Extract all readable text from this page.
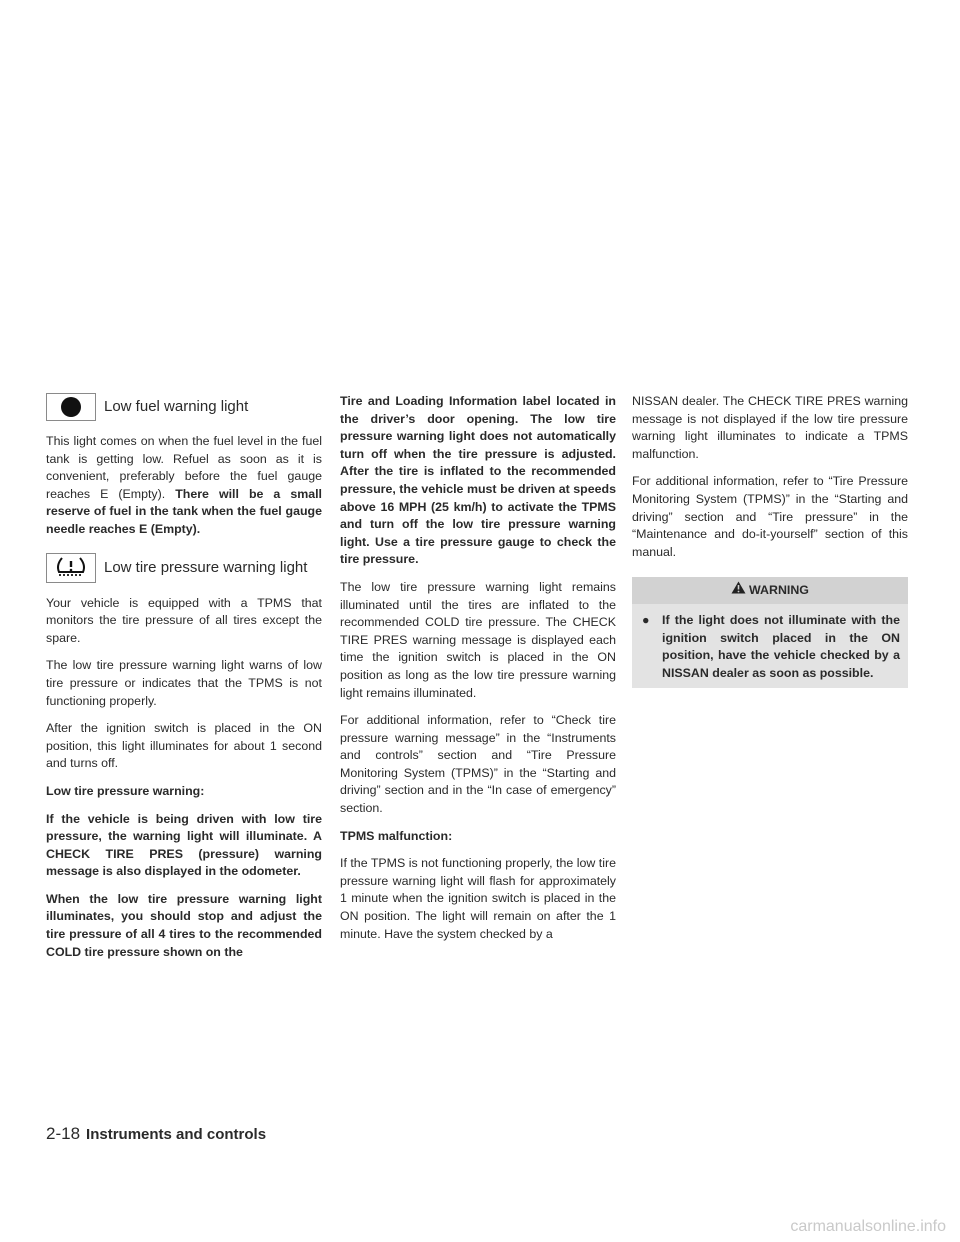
Low fuel warning light

This light comes on when the fuel level in the fuel tank is getting low. Refuel as soon as it is convenient, preferably before the fuel gauge reaches E (Empty). There will be a small reserve of fuel in the tank when the fuel gauge needle reaches E (Empty).

Low tire pressure warning light

Your vehicle is equipped with a TPMS that monitors the tire pressure of all tires except the spare.

The low tire pressure warning light warns of low tire pressure or indicates that the TPMS is not functioning properly.

After the ignition switch is placed in the ON position, this light illuminates for about 1 second and turns off.

Low tire pressure warning:

If the vehicle is being driven with low tire pressure, the warning light will illuminate. A CHECK TIRE PRES (pressure) warning message is also displayed in the odometer.

When the low tire pressure warning light illuminates, you should stop and adjust the tire pressure of all 4 tires to the recommended COLD tire pressure shown on the

Tire and Loading Information label located in the driver’s door opening. The low tire pressure warning light does not automatically turn off when the tire pressure is adjusted. After the tire is inflated to the recommended pressure, the vehicle must be driven at speeds above 16 MPH (25 km/h) to activate the TPMS and turn off the low tire pressure warning light. Use a tire pressure gauge to check the tire pressure.

The low tire pressure warning light remains illuminated until the tires are inflated to the recommended COLD tire pressure. The CHECK TIRE PRES warning message is displayed each time the ignition switch is placed in the ON position as long as the low tire pressure warning light remains illuminated.

For additional information, refer to “Check tire pressure warning message” in the “Instruments and controls” section and “Tire Pressure Monitoring System (TPMS)” in the “Starting and driving” section and in the “In case of emergency” section.

TPMS malfunction:

If the TPMS is not functioning properly, the low tire pressure warning light will flash for approximately 1 minute when the ignition switch is placed in the ON position. The light will remain on after the 1 minute. Have the system checked by a

NISSAN dealer. The CHECK TIRE PRES warning message is not displayed if the low tire pressure warning light illuminates to indicate a TPMS malfunction.

For additional information, refer to “Tire Pressure Monitoring System (TPMS)” in the “Starting and driving” section and “Tire pressure” in the “Maintenance and do-it-yourself” section of this manual.

WARNING
●	If the light does not illuminate with the ignition switch placed in the ON position, have the vehicle checked by a NISSAN dealer as soon as possible.
2-18 Instruments and controls
carmanualsonline.info
